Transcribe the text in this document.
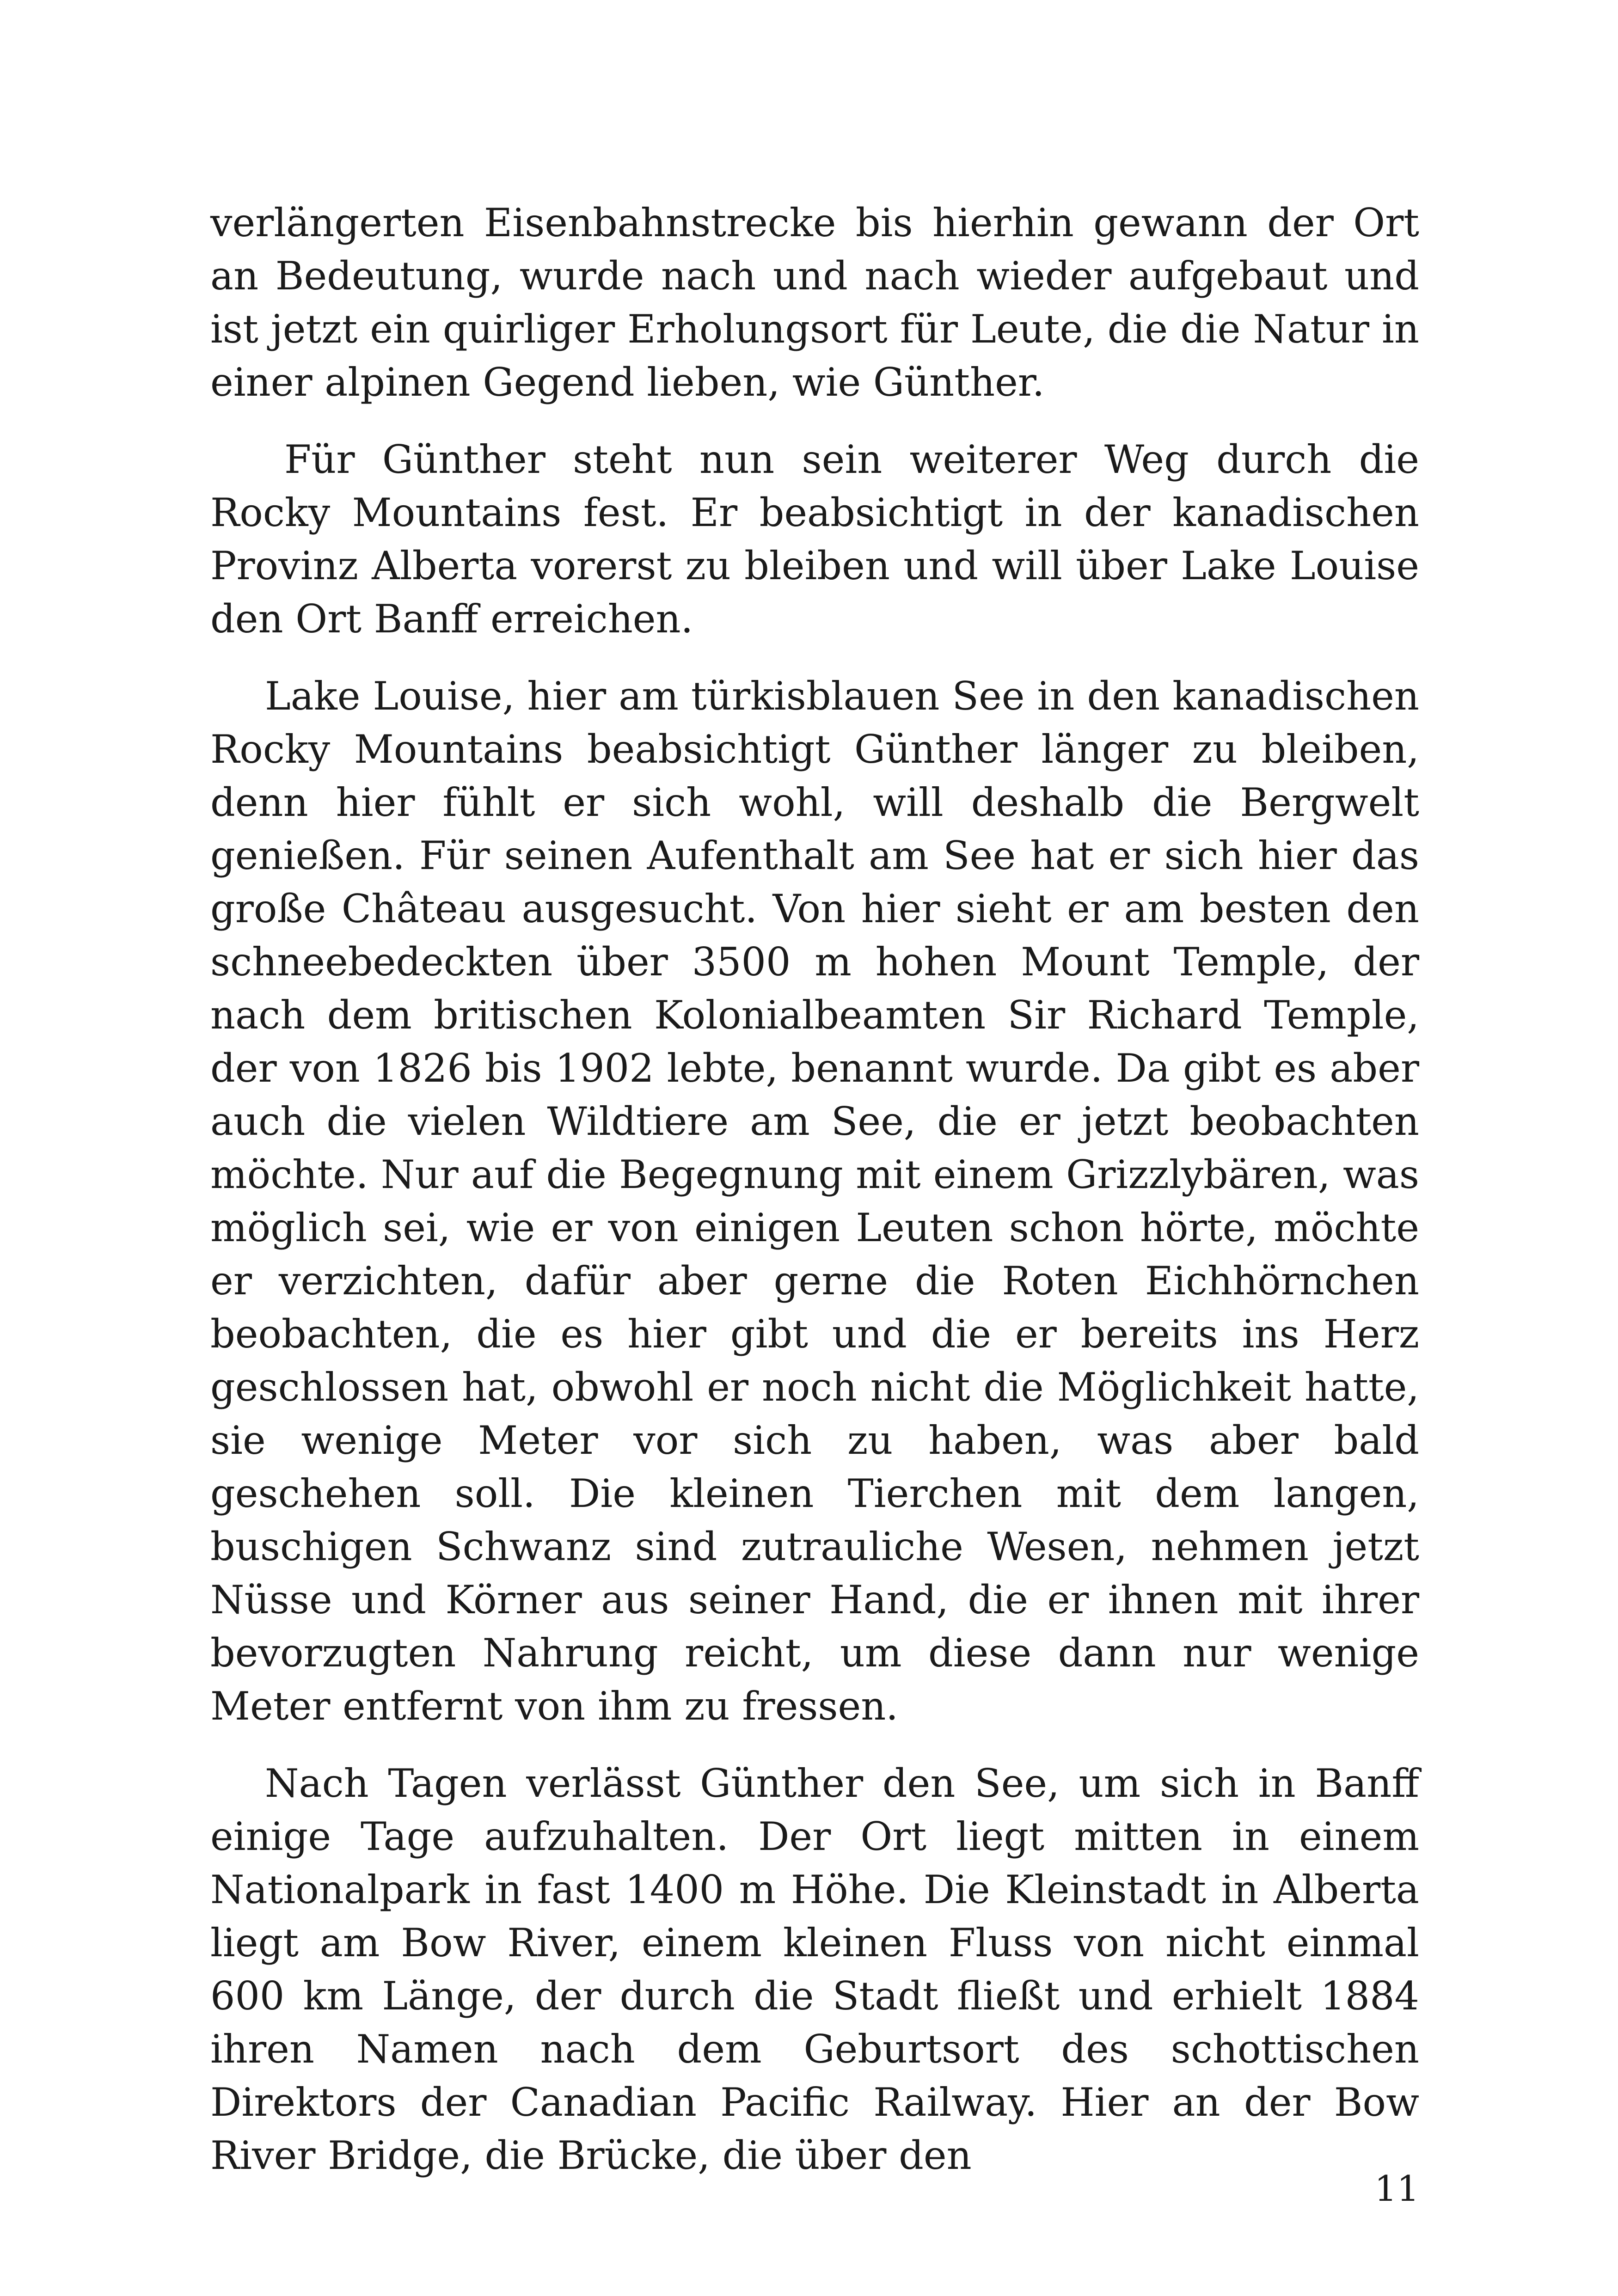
verlängerten Eisenbahnstrecke bis hierhin gewann der Ort an Bedeutung, wurde nach und nach wieder aufgebaut und ist jetzt ein quirliger Erholungsort für Leute, die die Natur in einer alpinen Gegend lieben, wie Günther.

Für Günther steht nun sein weiterer Weg durch die Rocky Mountains fest. Er beabsichtigt in der kanadischen Provinz Alberta vorerst zu bleiben und will über Lake Louise den Ort Banff erreichen.

Lake Louise, hier am türkisblauen See in den kanadischen Rocky Mountains beabsichtigt Günther länger zu bleiben, denn hier fühlt er sich wohl, will deshalb die Bergwelt genießen. Für seinen Aufenthalt am See hat er sich hier das große Château ausgesucht. Von hier sieht er am besten den schneebedeckten über 3500 m hohen Mount Temple, der nach dem britischen Kolonialbeamten Sir Richard Temple, der von 1826 bis 1902 lebte, benannt wurde. Da gibt es aber auch die vielen Wildtiere am See, die er jetzt beobachten möchte. Nur auf die Begegnung mit einem Grizzlybären, was möglich sei, wie er von einigen Leuten schon hörte, möchte er verzichten, dafür aber gerne die Roten Eichhörnchen beobachten, die es hier gibt und die er bereits ins Herz geschlossen hat, obwohl er noch nicht die Möglichkeit hatte, sie wenige Meter vor sich zu haben, was aber bald geschehen soll. Die kleinen Tierchen mit dem langen, buschigen Schwanz sind zutrauliche Wesen, nehmen jetzt Nüsse und Körner aus seiner Hand, die er ihnen mit ihrer bevorzugten Nahrung reicht, um diese dann nur wenige Meter entfernt von ihm zu fressen.

Nach Tagen verlässt Günther den See, um sich in Banff einige Tage aufzuhalten. Der Ort liegt mitten in einem Nationalpark in fast 1400 m Höhe. Die Kleinstadt in Alberta liegt am Bow River, einem kleinen Fluss von nicht einmal 600 km Länge, der durch die Stadt fließt und erhielt 1884 ihren Namen nach dem Geburtsort des schottischen Direktors der Canadian Pacific Railway. Hier an der Bow River Bridge, die Brücke, die über den

11
